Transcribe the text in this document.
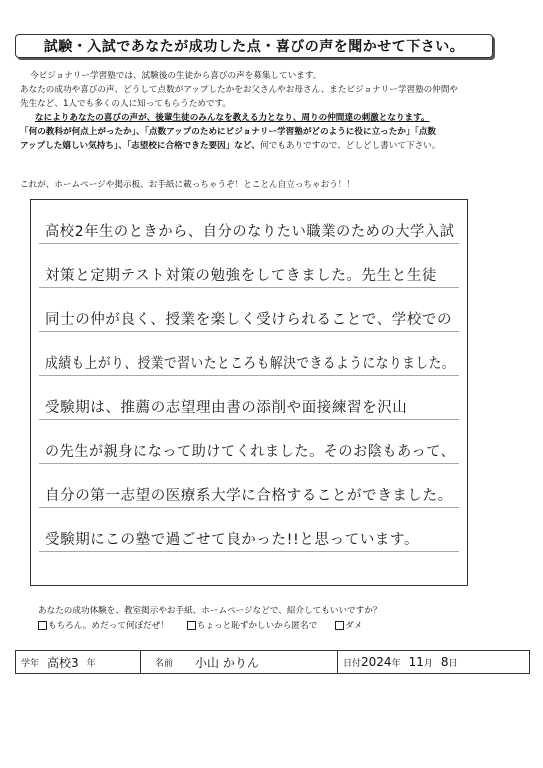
試験・入試であなたが成功した点・喜びの声を聞かせて下さい。

今ビジョナリー学習塾では、試験後の生徒から喜びの声を募集しています。

あなたの成功や喜びの声、どうして点数がアップしたかをお父さんやお母さん、またビジョナリー学習塾の仲間や

先生など、1人でも多くの人に知ってもらうためです。

なによりあなたの喜びの声が、後輩生徒のみんなを教える力となり、周りの仲間達の刺激となります。

「何の教科が何点上がったか」、「点数アップのためにビジョナリー学習塾がどのように役に立ったか」「点数

アップした嬉しい気持ち」、「志望校に合格できた要因」など、何でもありですので、どしどし書いて下さい。

これが、ホームページや掲示板、お手紙に載っちゃうぞ！とことん自立っちゃおう！！
高校2年生のときから、自分のなりたい職業のための大学入試
対策と定期テスト対策の勉強をしてきました。先生と生徒
同士の仲が良く、授業を楽しく受けられることで、学校での
成績も上がり、授業で習いたところも解決できるようになりました。
受験期は、推薦の志望理由書の添削や面接練習を沢山
の先生が親身になって助けてくれました。そのお陰もあって、
自分の第一志望の医療系大学に合格することができました。
受験期にこの塾で過ごせて良かった!!と思っています。
あなたの成功体験を、教室掲示やお手紙、ホームページなどで、紹介してもいいですか？
もちろん。めだって何ぼだぜ！	ちょっと恥ずかしいから匿名で	ダメ
学年 高校3 年	名前 小山 かりん	日付 2024 年 11 月 8 日
